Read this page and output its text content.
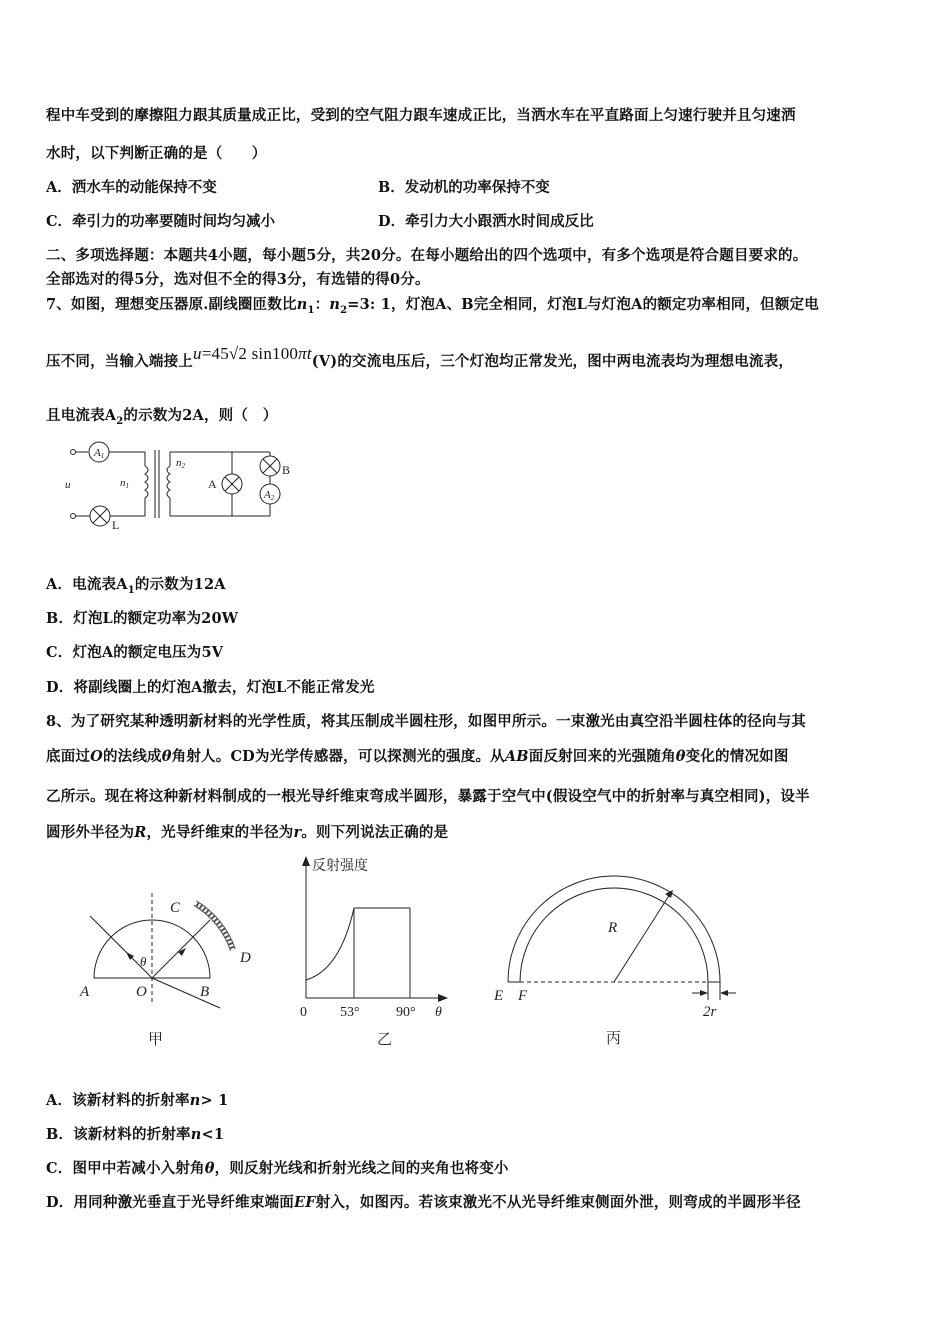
程中车受到的摩擦阻力跟其质量成正比，受到的空气阻力跟车速成正比，当洒水车在平直路面上匀速行驶并且匀速洒
水时，以下判断正确的是（　　）
A．洒水车的动能保持不变	B．发动机的功率保持不变
C．牵引力的功率要随时间均匀减小	D．牵引力大小跟洒水时间成反比
二、多项选择题：本题共4小题，每小题5分，共20分。在每小题给出的四个选项中，有多个选项是符合题目要求的。
全部选对的得5分，选对但不全的得3分，有选错的得0分。
7、如图，理想变压器原.副线圈匝数比$n_1$：$n_2=3$: 1，灯泡A、B完全相同，灯泡L与灯泡A的额定功率相同，但额定电
压不同，当输入端接上u=45√2 sin100πt(V)的交流电压后，三个灯泡均正常发光，图中两电流表均为理想电流表，
且电流表$A_2$的示数为2A，则（　）
A1
A2
u	n1
n2
A
B
L
A．电流表$A_1$的示数为12A
B．灯泡L的额定功率为20W
C．灯泡A的额定电压为5V
D．将副线圈上的灯泡A撤去，灯泡L不能正常发光
8、为了研究某种透明新材料的光学性质，将其压制成半圆柱形，如图甲所示。一束激光由真空沿半圆柱体的径向与其
底面过O的法线成θ角射人。CD为光学传感器，可以探测光的强度。从AB面反射回来的光强随角θ变化的情况如图
乙所示。现在将这种新材料制成的一根光导纤维束弯成半圆形，暴露于空气中(假设空气中的折射率与真空相同)，设半
圆形外半径为R，光导纤维束的半径为r。则下列说法正确的是
C
D
A	O	B
θ
甲
反射强度
0 53°	90° θ
乙
R
E F
2r
丙
A．该新材料的折射率n> 1
B．该新材料的折射率n<1
C．图甲中若减小入射角θ，则反射光线和折射光线之间的夹角也将变小
D．用同种激光垂直于光导纤维束端面EF射入，如图丙。若该束激光不从光导纤维束侧面外泄，则弯成的半圆形半径
